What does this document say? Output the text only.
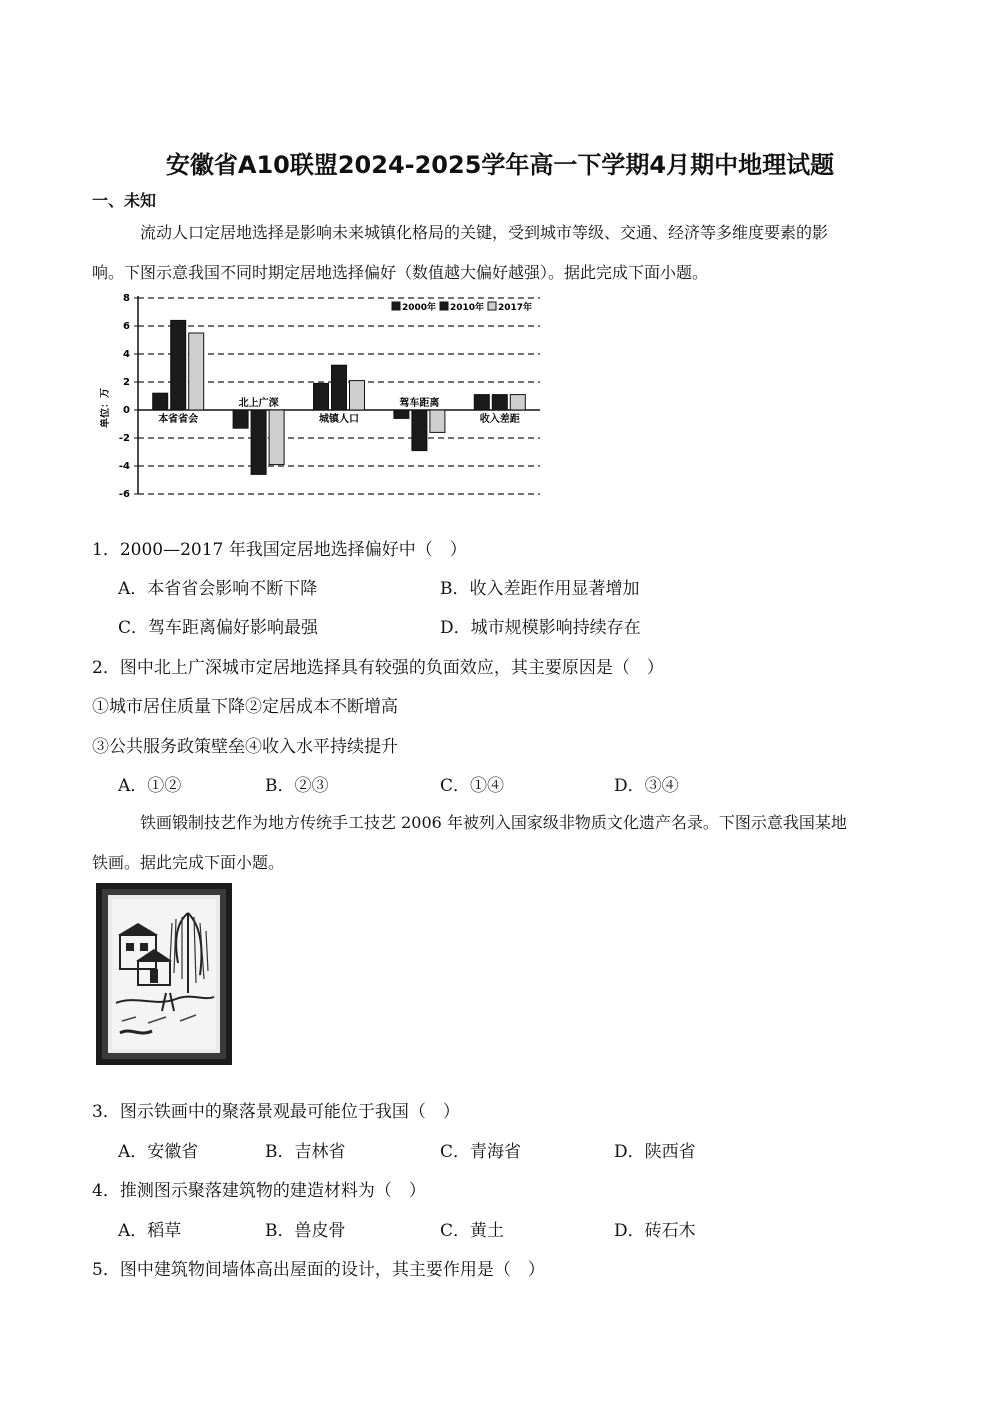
安徽省A10联盟2024-2025学年高一下学期4月期中地理试题
一、未知
流动人口定居地选择是影响未来城镇化格局的关键，受到城市等级、交通、经济等多维度要素的影
响。下图示意我国不同时期定居地选择偏好（数值越大偏好越强）。据此完成下面小题。
8
6
4
2
0
-2
-4
-6
本省省会
北上广深
城镇人口
驾车距离
收入差距
单位：万
2000年 2010年 2017年
1．2000—2017 年我国定居地选择偏好中（　）
A．本省省会影响不断下降	B．收入差距作用显著增加
C．驾车距离偏好影响最强	D．城市规模影响持续存在
2．图中北上广深城市定居地选择具有较强的负面效应，其主要原因是（　）
①城市居住质量下降②定居成本不断增高
③公共服务政策壁垒④收入水平持续提升
A．①②	B．②③	C．①④	D．③④
铁画锻制技艺作为地方传统手工技艺 2006 年被列入国家级非物质文化遗产名录。下图示意我国某地
铁画。据此完成下面小题。
3．图示铁画中的聚落景观最可能位于我国（　）
A．安徽省	B．吉林省	C．青海省	D．陕西省
4．推测图示聚落建筑物的建造材料为（　）
A．稻草	B．兽皮骨	C．黄土	D．砖石木
5．图中建筑物间墙体高出屋面的设计，其主要作用是（　）
